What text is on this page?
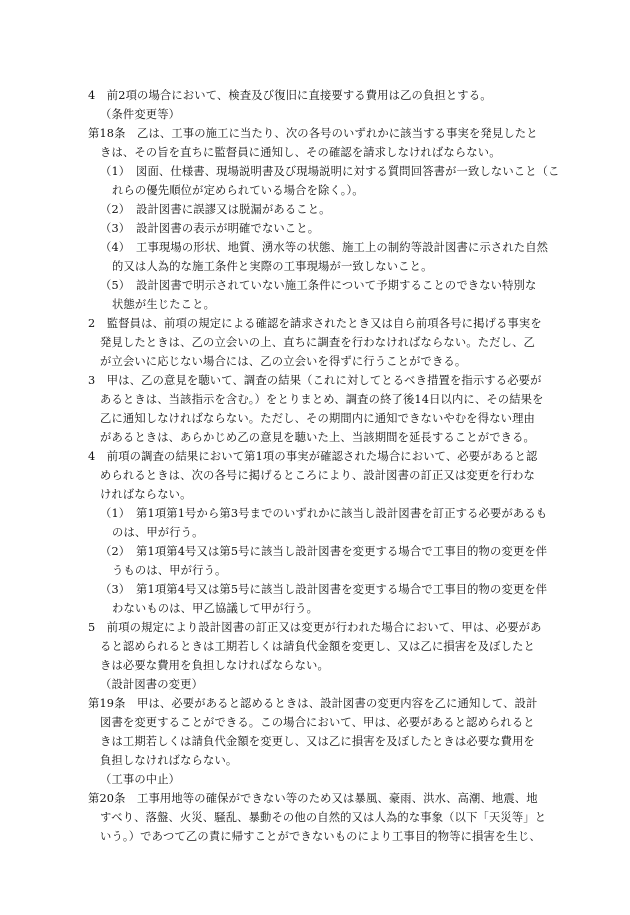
4　前2項の場合において、検査及び復旧に直接要する費用は乙の負担とする。
（条件変更等）
第18条　乙は、工事の施工に当たり、次の各号のいずれかに該当する事実を発見したと
きは、その旨を直ちに監督員に通知し、その確認を請求しなければならない。
（1）　図面、仕様書、現場説明書及び現場説明に対する質問回答書が一致しないこと（こ
れらの優先順位が定められている場合を除く。）。
（2）　設計図書に誤謬又は脱漏があること。
（3）　設計図書の表示が明確でないこと。
（4）　工事現場の形状、地質、湧水等の状態、施工上の制約等設計図書に示された自然
的又は人為的な施工条件と実際の工事現場が一致しないこと。
（5）　設計図書で明示されていない施工条件について予期することのできない特別な
状態が生じたこと。
2　監督員は、前項の規定による確認を請求されたとき又は自ら前項各号に掲げる事実を
発見したときは、乙の立会いの上、直ちに調査を行わなければならない。ただし、乙
が立会いに応じない場合には、乙の立会いを得ずに行うことができる。
3　甲は、乙の意見を聴いて、調査の結果（これに対してとるべき措置を指示する必要が
あるときは、当該指示を含む。）をとりまとめ、調査の終了後14日以内に、その結果を
乙に通知しなければならない。ただし、その期間内に通知できないやむを得ない理由
があるときは、あらかじめ乙の意見を聴いた上、当該期間を延長することができる。
4　前項の調査の結果において第1項の事実が確認された場合において、必要があると認
められるときは、次の各号に掲げるところにより、設計図書の訂正又は変更を行わな
ければならない。
（1）　第1項第1号から第3号までのいずれかに該当し設計図書を訂正する必要があるも
のは、甲が行う。
（2）　第1項第4号又は第5号に該当し設計図書を変更する場合で工事目的物の変更を伴
うものは、甲が行う。
（3）　第1項第4号又は第5号に該当し設計図書を変更する場合で工事目的物の変更を伴
わないものは、甲乙協議して甲が行う。
5　前項の規定により設計図書の訂正又は変更が行われた場合において、甲は、必要があ
ると認められるときは工期若しくは請負代金額を変更し、又は乙に損害を及ぼしたと
きは必要な費用を負担しなければならない。
（設計図書の変更）
第19条　甲は、必要があると認めるときは、設計図書の変更内容を乙に通知して、設計
図書を変更することができる。この場合において、甲は、必要があると認められると
きは工期若しくは請負代金額を変更し、又は乙に損害を及ぼしたときは必要な費用を
負担しなければならない。
（工事の中止）
第20条　工事用地等の確保ができない等のため又は暴風、豪雨、洪水、高潮、地震、地
すべり、落盤、火災、騒乱、暴動その他の自然的又は人為的な事象（以下「天災等」と
いう。）であつて乙の責に帰すことができないものにより工事目的物等に損害を生じ、
